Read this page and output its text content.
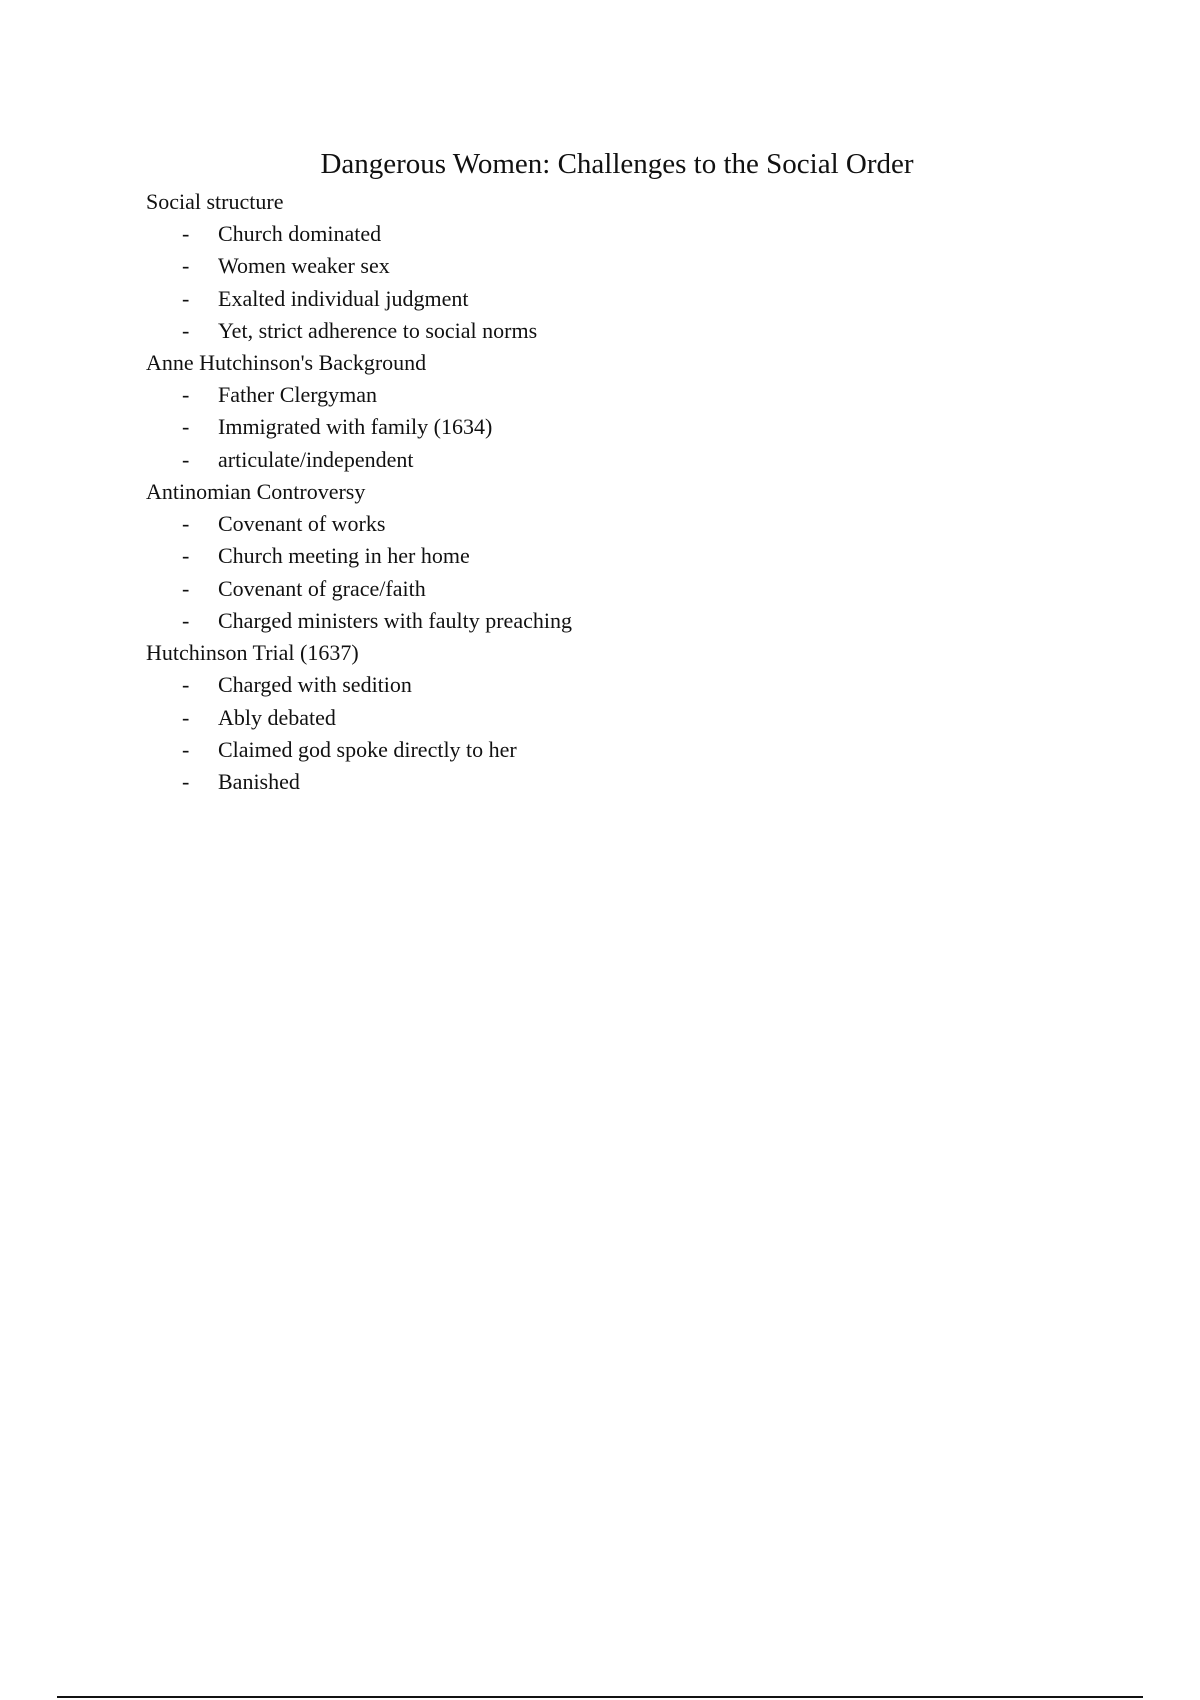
Dangerous Women: Challenges to the Social Order
Social structure
- Church dominated
- Women weaker sex
- Exalted individual judgment
- Yet, strict adherence to social norms
Anne Hutchinson's Background
- Father Clergyman
- Immigrated with family (1634)
- articulate/independent
Antinomian Controversy
- Covenant of works
- Church meeting in her home
- Covenant of grace/faith
- Charged ministers with faulty preaching
Hutchinson Trial (1637)
- Charged with sedition
- Ably debated
- Claimed god spoke directly to her
- Banished
